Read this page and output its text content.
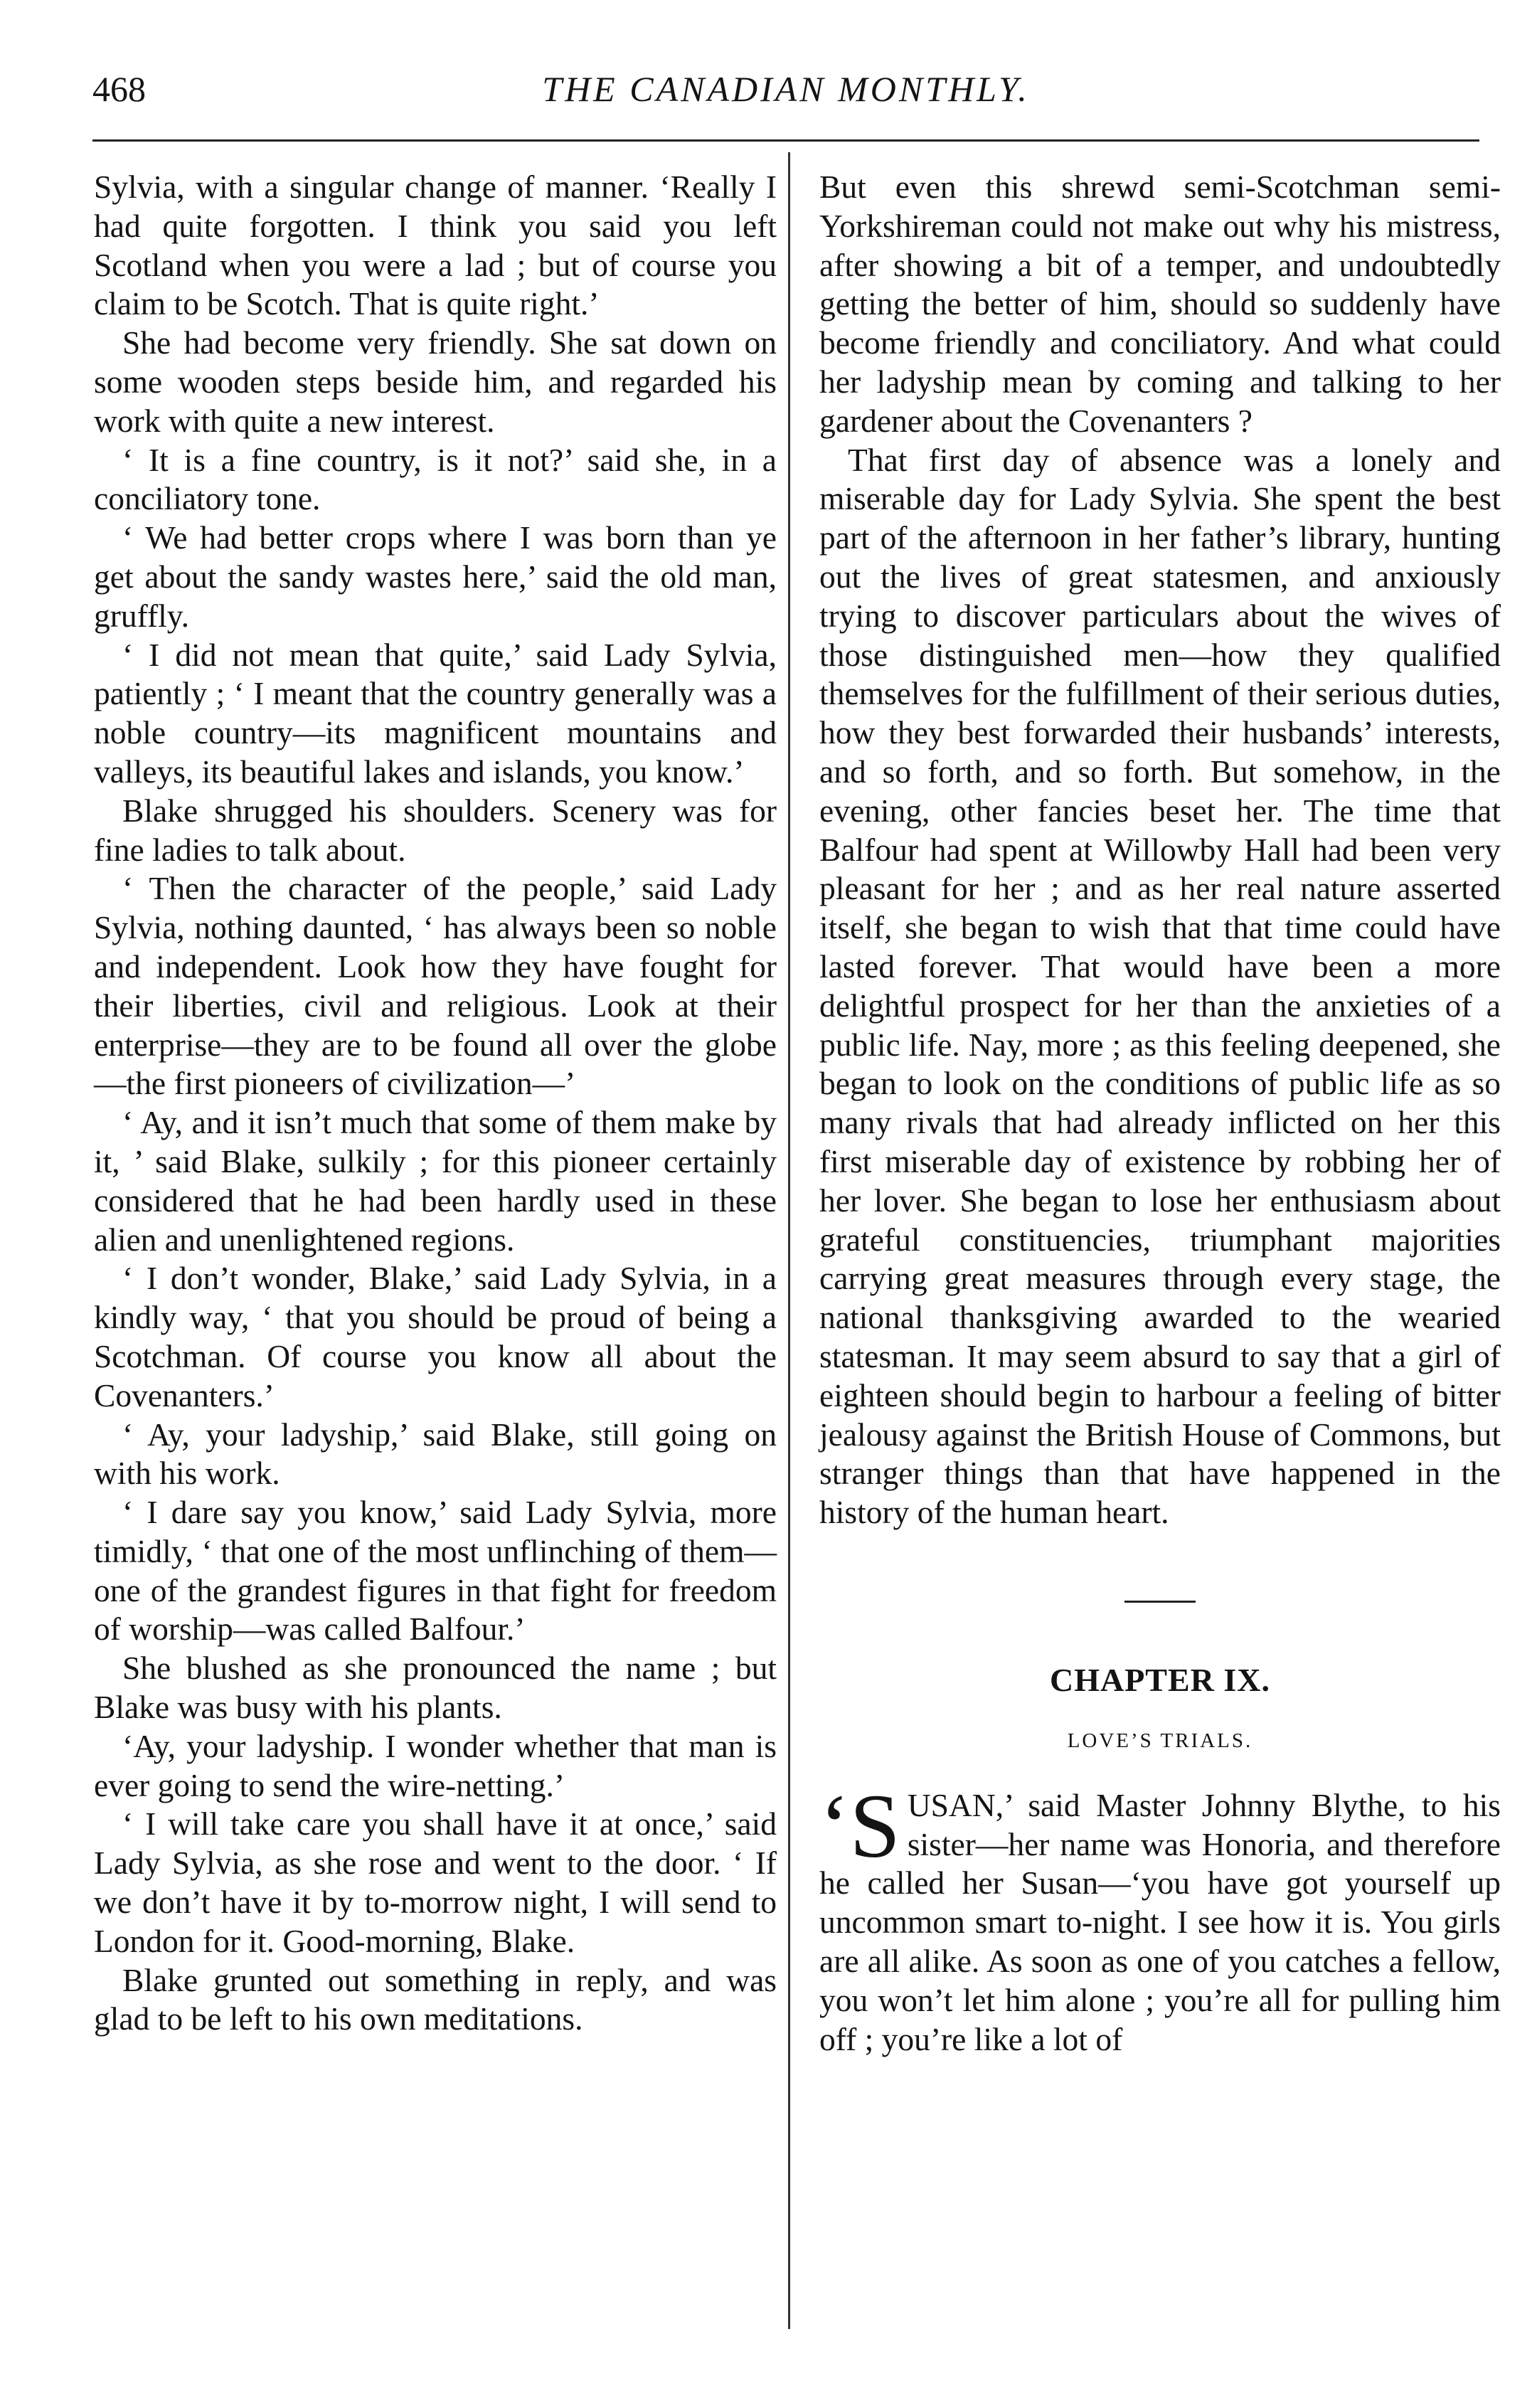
468	THE CANADIAN MONTHLY.

Sylvia, with a singular change of manner. ‘Really I had quite forgotten. I think you said you left Scotland when you were a lad ; but of course you claim to be Scotch. That is quite right.’

She had become very friendly. She sat down on some wooden steps beside him, and regarded his work with quite a new interest.

‘ It is a fine country, is it not?’ said she, in a conciliatory tone.

‘ We had better crops where I was born than ye get about the sandy wastes here,’ said the old man, gruffly.

‘ I did not mean that quite,’ said Lady Sylvia, patiently ; ‘ I meant that the country generally was a noble country—its magnificent mountains and valleys, its beautiful lakes and islands, you know.’

Blake shrugged his shoulders. Scenery was for fine ladies to talk about.

‘ Then the character of the people,’ said Lady Sylvia, nothing daunted, ‘ has always been so noble and independent. Look how they have fought for their liberties, civil and religious. Look at their enterprise—they are to be found all over the globe—the first pioneers of civilization—’

‘ Ay, and it isn’t much that some of them make by it, ’ said Blake, sulkily ; for this pioneer certainly considered that he had been hardly used in these alien and unenlightened regions.

‘ I don’t wonder, Blake,’ said Lady Sylvia, in a kindly way, ‘ that you should be proud of being a Scotchman. Of course you know all about the Covenanters.’

‘ Ay, your ladyship,’ said Blake, still going on with his work.

‘ I dare say you know,’ said Lady Sylvia, more timidly, ‘ that one of the most unflinching of them—one of the grandest figures in that fight for freedom of worship—was called Balfour.’

She blushed as she pronounced the name ; but Blake was busy with his plants.

‘Ay, your ladyship. I wonder whether that man is ever going to send the wire-netting.’

‘ I will take care you shall have it at once,’ said Lady Sylvia, as she rose and went to the door. ‘ If we don’t have it by to-morrow night, I will send to London for it. Good-morning, Blake.

Blake grunted out something in reply, and was glad to be left to his own meditations.

But even this shrewd semi-Scotchman semi-Yorkshireman could not make out why his mistress, after showing a bit of a temper, and undoubtedly getting the better of him, should so suddenly have become friendly and conciliatory. And what could her ladyship mean by coming and talking to her gardener about the Covenanters ?

That first day of absence was a lonely and miserable day for Lady Sylvia. She spent the best part of the afternoon in her father’s library, hunting out the lives of great statesmen, and anxiously trying to discover particulars about the wives of those distinguished men—how they qualified themselves for the fulfillment of their serious duties, how they best forwarded their husbands’ interests, and so forth, and so forth. But somehow, in the evening, other fancies beset her. The time that Balfour had spent at Willowby Hall had been very pleasant for her ; and as her real nature asserted itself, she began to wish that that time could have lasted forever. That would have been a more delightful prospect for her than the anxieties of a public life. Nay, more ; as this feeling deepened, she began to look on the conditions of public life as so many rivals that had already inflicted on her this first miserable day of existence by robbing her of her lover. She began to lose her enthusiasm about grateful constituencies, triumphant majorities carrying great measures through every stage, the national thanksgiving awarded to the wearied statesman. It may seem absurd to say that a girl of eighteen should begin to harbour a feeling of bitter jealousy against the British House of Commons, but stranger things than that have happened in the history of the human heart.

CHAPTER IX.
LOVE’S TRIALS.

‘S USAN,’ said Master Johnny Blythe, to his sister—her name was Honoria, and therefore he called her Susan—‘you have got yourself up uncommon smart to-night. I see how it is. You girls are all alike. As soon as one of you catches a fellow, you won’t let him alone ; you’re all for pulling him off ; you’re like a lot of
